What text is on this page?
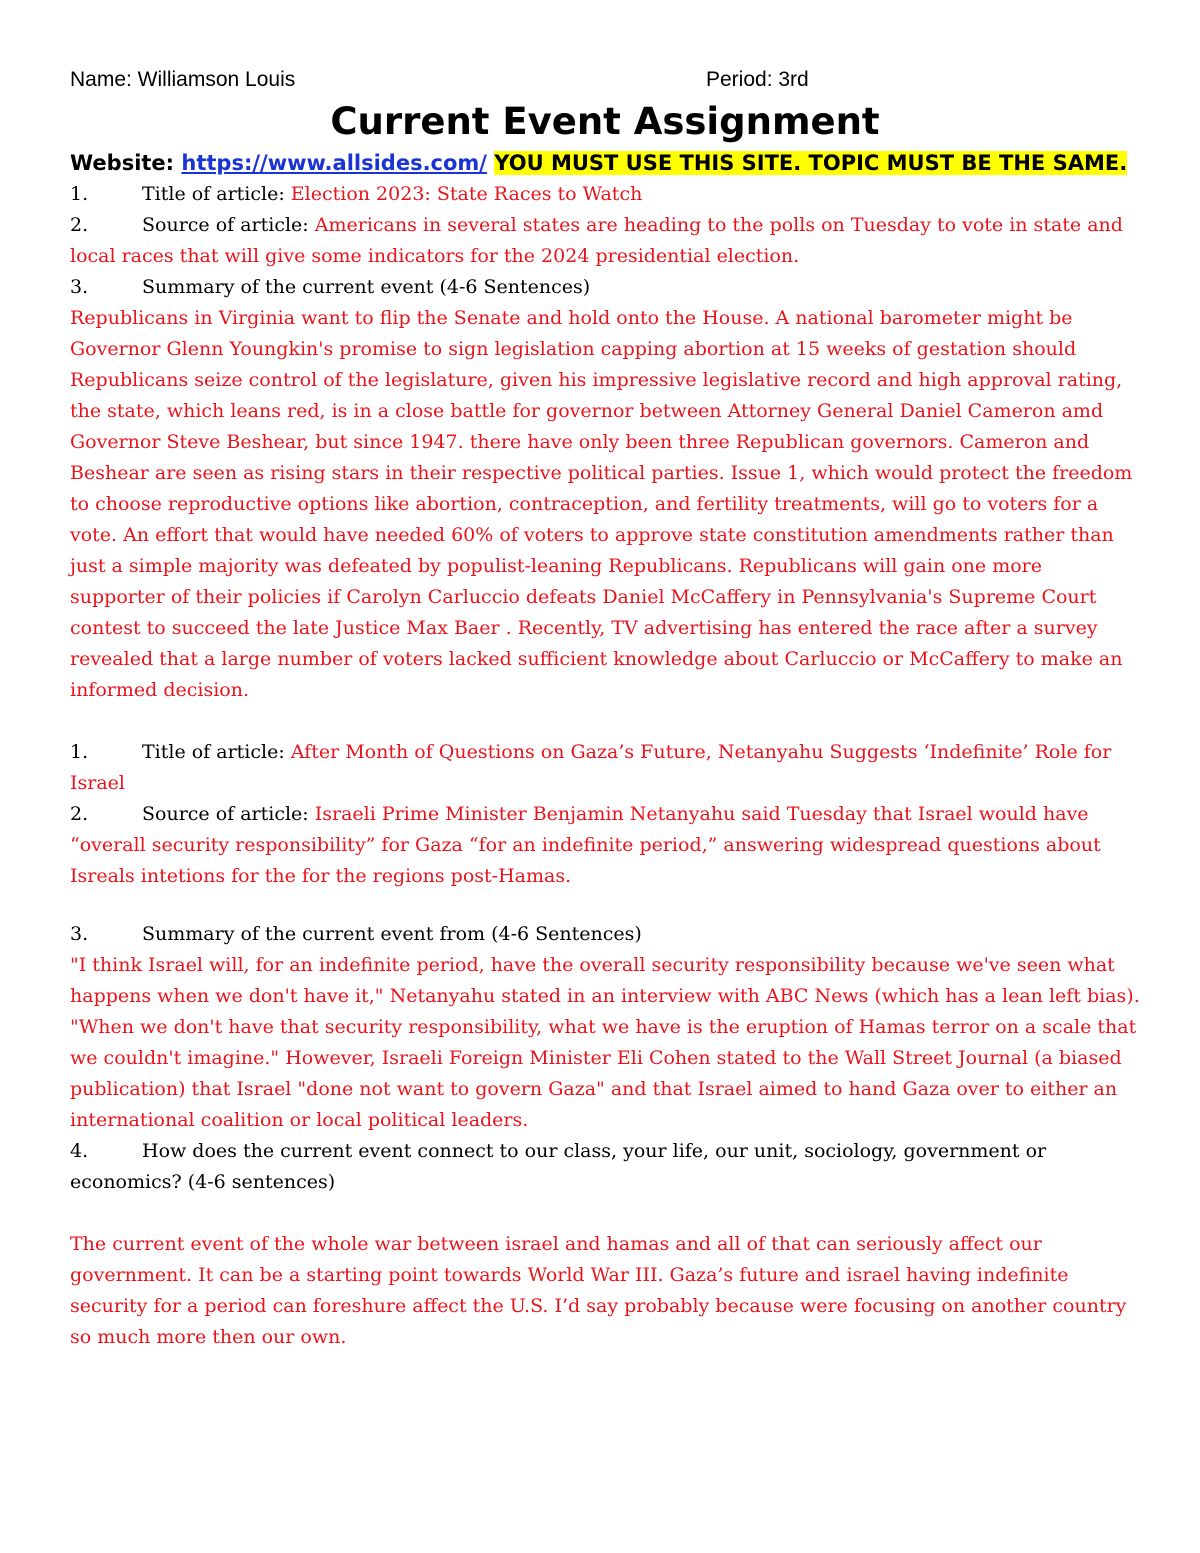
Name: Williamson Louis	Period: 3rd
Current Event Assignment
Website: https://www.allsides.com/ YOU MUST USE THIS SITE. TOPIC MUST BE THE SAME.
1.	Title of article: Election 2023: State Races to Watch
2.	Source of article: Americans in several states are heading to the polls on Tuesday to vote in state and local races that will give some indicators for the 2024 presidential election.
3.	Summary of the current event (4-6 Sentences)

Republicans in Virginia want to flip the Senate and hold onto the House. A national barometer might be Governor Glenn Youngkin's promise to sign legislation capping abortion at 15 weeks of gestation should Republicans seize control of the legislature, given his impressive legislative record and high approval rating, the state, which leans red, is in a close battle for governor between Attorney General Daniel Cameron amd Governor Steve Beshear, but since 1947. there have only been three Republican governors. Cameron and Beshear are seen as rising stars in their respective political parties. Issue 1, which would protect the freedom to choose reproductive options like abortion, contraception, and fertility treatments, will go to voters for a vote. An effort that would have needed 60% of voters to approve state constitution amendments rather than just a simple majority was defeated by populist-leaning Republicans. Republicans will gain one more supporter of their policies if Carolyn Carluccio defeats Daniel McCaffery in Pennsylvania's Supreme Court contest to succeed the late Justice Max Baer . Recently, TV advertising has entered the race after a survey revealed that a large number of voters lacked sufficient knowledge about Carluccio or McCaffery to make an informed decision.

1.	Title of article: After Month of Questions on Gaza’s Future, Netanyahu Suggests ‘Indefinite’ Role for Israel
2.	Source of article: Israeli Prime Minister Benjamin Netanyahu said Tuesday that Israel would have “overall security responsibility” for Gaza “for an indefinite period,” answering widespread questions about Isreals intetions for the for the regions post-Hamas.
3.	Summary of the current event from (4-6 Sentences)

"I think Israel will, for an indefinite period, have the overall security responsibility because we've seen what happens when we don't have it," Netanyahu stated in an interview with ABC News (which has a lean left bias). "When we don't have that security responsibility, what we have is the eruption of Hamas terror on a scale that we couldn't imagine." However, Israeli Foreign Minister Eli Cohen stated to the Wall Street Journal (a biased publication) that Israel "done not want to govern Gaza" and that Israel aimed to hand Gaza over to either an international coalition or local political leaders.

4.	How does the current event connect to our class, your life, our unit, sociology, government or economics? (4-6 sentences)

The current event of the whole war between israel and hamas and all of that can seriously affect our government. It can be a starting point towards World War III. Gaza’s future and israel having indefinite security for a period can foreshure affect the U.S. I’d say probably because were focusing on another country so much more then our own.
